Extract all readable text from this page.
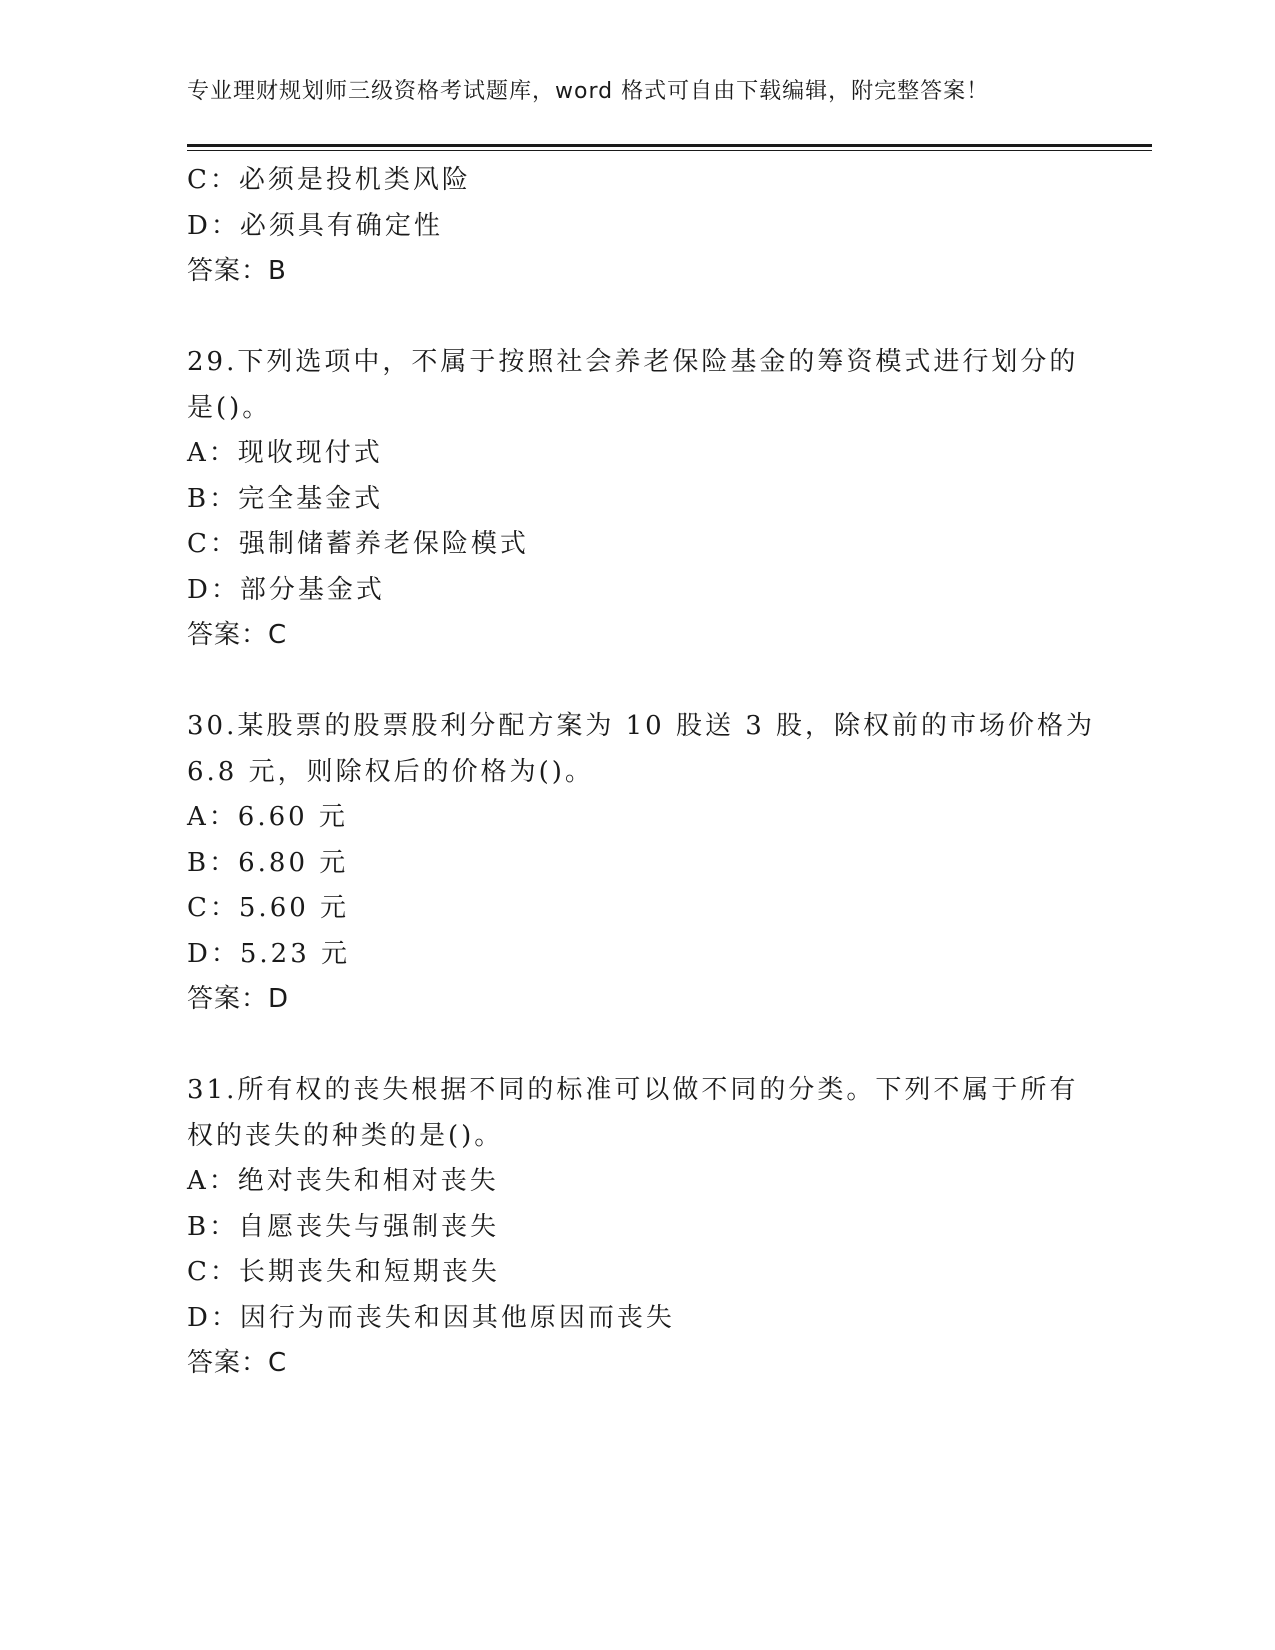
专业理财规划师三级资格考试题库，word 格式可自由下载编辑，附完整答案！
C：必须是投机类风险
D：必须具有确定性
答案：B
29.下列选项中，不属于按照社会养老保险基金的筹资模式进行划分的
是()。
A：现收现付式
B：完全基金式
C：强制储蓄养老保险模式
D：部分基金式
答案：C
30.某股票的股票股利分配方案为 10 股送 3 股，除权前的市场价格为
6.8 元，则除权后的价格为()。
A：6.60 元
B：6.80 元
C：5.60 元
D：5.23 元
答案：D
31.所有权的丧失根据不同的标准可以做不同的分类。下列不属于所有
权的丧失的种类的是()。
A：绝对丧失和相对丧失
B：自愿丧失与强制丧失
C：长期丧失和短期丧失
D：因行为而丧失和因其他原因而丧失
答案：C
